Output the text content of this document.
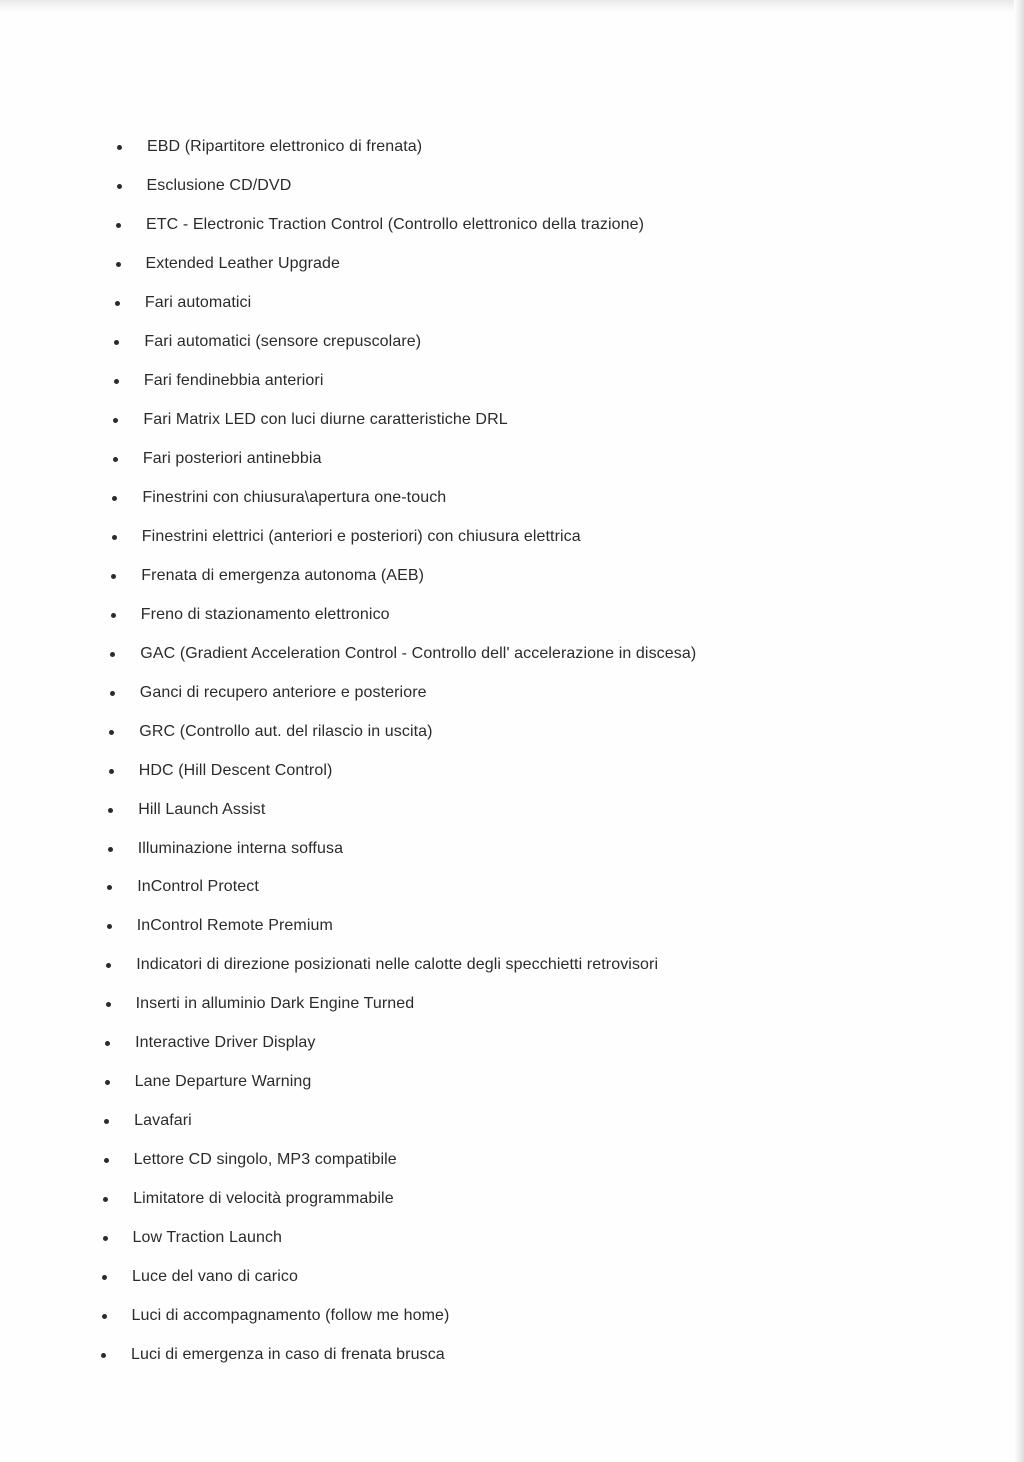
EBD (Ripartitore elettronico di frenata)
Esclusione CD/DVD
ETC - Electronic Traction Control (Controllo elettronico della trazione)
Extended Leather Upgrade
Fari automatici
Fari automatici (sensore crepuscolare)
Fari fendinebbia anteriori
Fari Matrix LED con luci diurne caratteristiche DRL
Fari posteriori antinebbia
Finestrini con chiusura\apertura one-touch
Finestrini elettrici (anteriori e posteriori) con chiusura elettrica
Frenata di emergenza autonoma (AEB)
Freno di stazionamento elettronico
GAC (Gradient Acceleration Control - Controllo dell' accelerazione in discesa)
Ganci di recupero anteriore e posteriore
GRC (Controllo aut. del rilascio in uscita)
HDC (Hill Descent Control)
Hill Launch Assist
Illuminazione interna soffusa
InControl Protect
InControl Remote Premium
Indicatori di direzione posizionati nelle calotte degli specchietti retrovisori
Inserti in alluminio Dark Engine Turned
Interactive Driver Display
Lane Departure Warning
Lavafari
Lettore CD singolo, MP3 compatibile
Limitatore di velocità programmabile
Low Traction Launch
Luce del vano di carico
Luci di accompagnamento (follow me home)
Luci di emergenza in caso di frenata brusca
